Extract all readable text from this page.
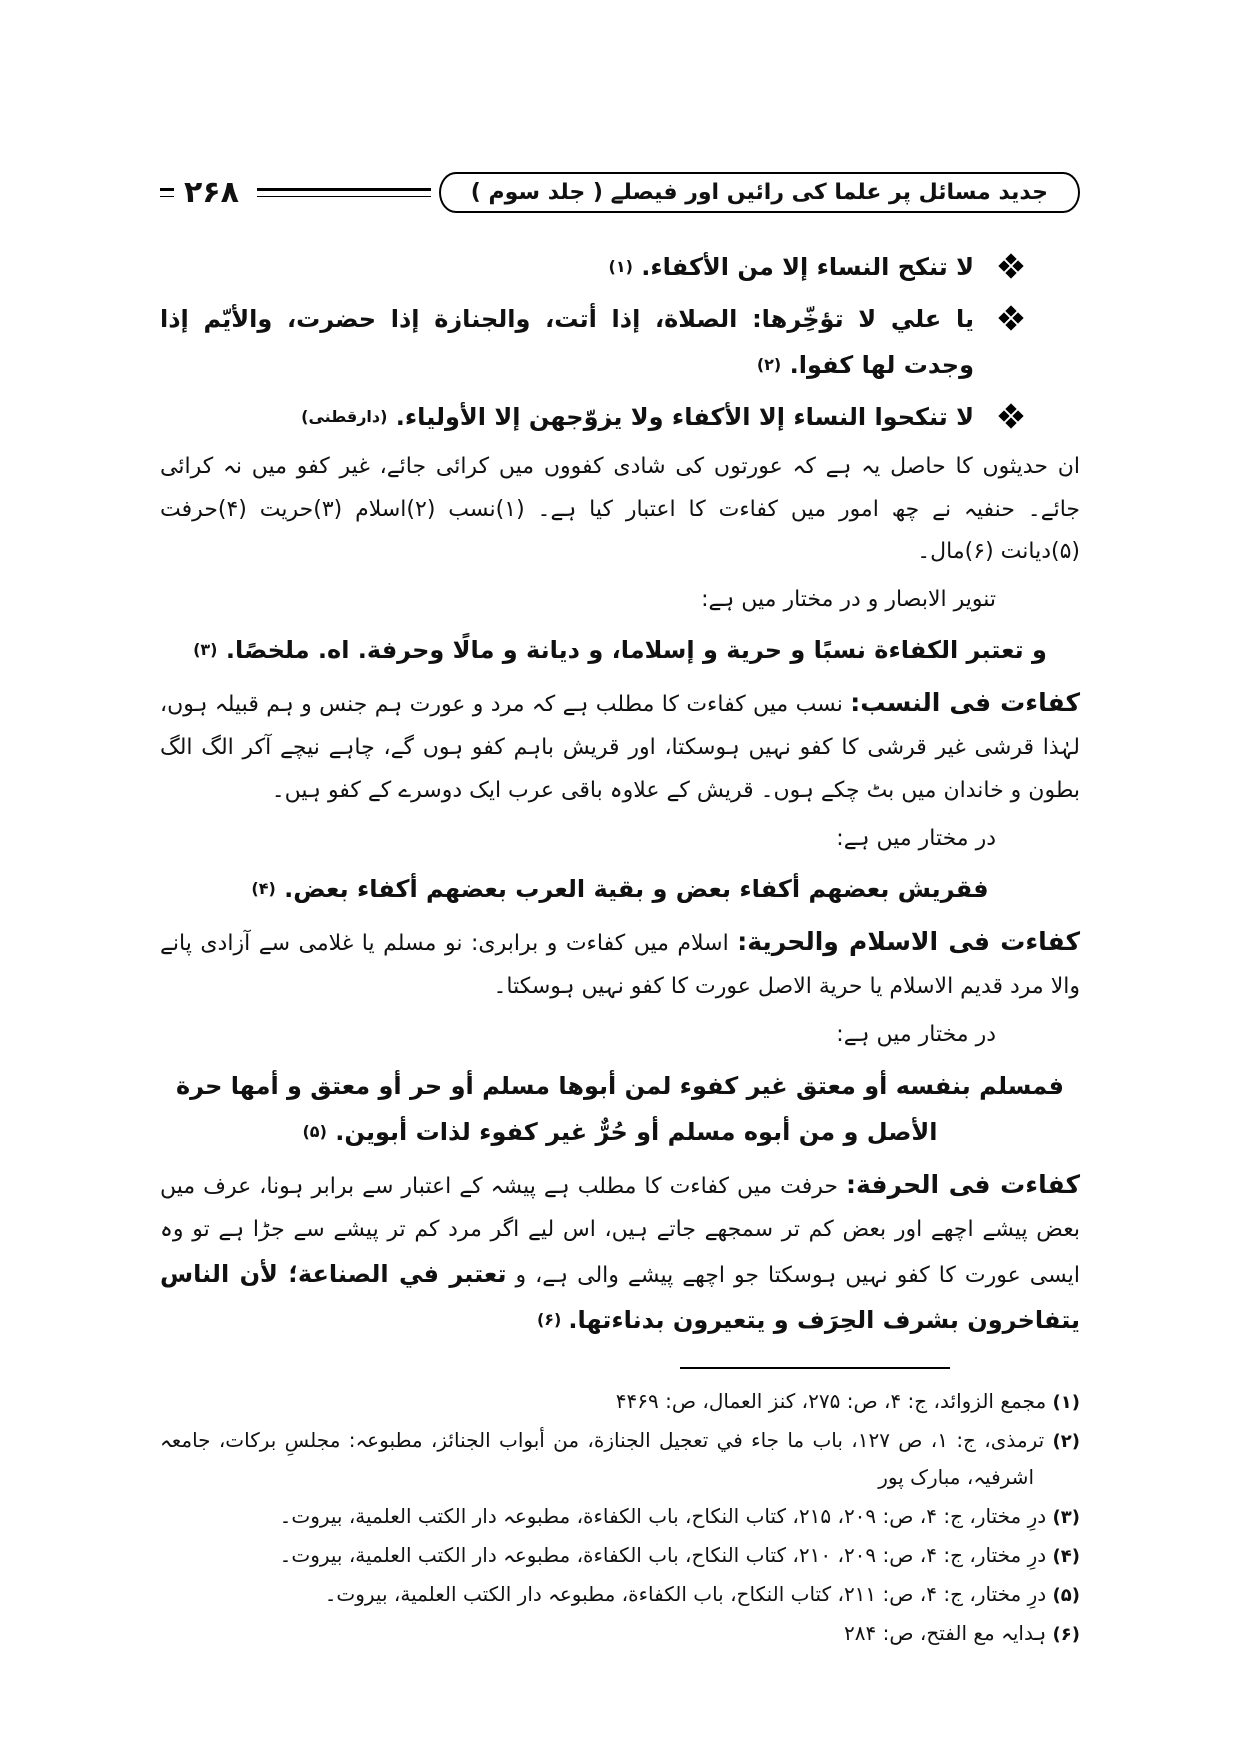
۲۶۸	جدید مسائل پر علما کی رائیں اور فیصلے ( جلد سوم )

لا تنكح النساء إلا من الأكفاء. (۱)

يا علي لا تؤخِّرها: الصلاة، إذا أتت، والجنازة إذا حضرت، والأيّم إذا وجدت لها كفوا. (۲)

لا تنكحوا النساء إلا الأكفاء ولا يزوّجهن إلا الأولياء. (دارقطنی)

ان حدیثوں کا حاصل یہ ہے کہ عورتوں کی شادی کفووں میں کرائی جائے، غیر کفو میں نہ کرائی جائے۔ حنفیہ نے چھ امور میں کفاءت کا اعتبار کیا ہے۔ (۱)نسب (۲)اسلام (۳)حریت (۴)حرفت (۵)دیانت (۶)مال۔

تنویر الابصار و در مختار میں ہے:

و تعتبر الكفاءة نسبًا و حرية و إسلاما، و ديانة و مالًا وحرفة. اه. ملخصًا. (۳)

کفاءت فی النسب: نسب میں کفاءت کا مطلب ہے کہ مرد و عورت ہم جنس و ہم قبیلہ ہوں، لہٰذا قرشی غیر قرشی کا کفو نہیں ہوسکتا، اور قریش باہم کفو ہوں گے، چاہے نیچے آکر الگ الگ بطون و خاندان میں بٹ چکے ہوں۔ قریش کے علاوہ باقی عرب ایک دوسرے کے کفو ہیں۔

در مختار میں ہے:

فقريش بعضهم أكفاء بعض و بقية العرب بعضهم أكفاء بعض. (۴)

کفاءت فی الاسلام والحریة: اسلام میں کفاءت و برابری: نو مسلم یا غلامی سے آزادی پانے والا مرد قدیم الاسلام یا حریة الاصل عورت کا کفو نہیں ہوسکتا۔

در مختار میں ہے:

فمسلم بنفسه أو معتق غير كفوء لمن أبوها مسلم أو حر أو معتق و أمها حرة الأصل و من أبوه مسلم أو حُرٌّ غير كفوء لذات أبوين. (۵)

کفاءت فی الحرفة: حرفت میں کفاءت کا مطلب ہے پیشہ کے اعتبار سے برابر ہونا، عرف میں بعض پیشے اچھے اور بعض کم تر سمجھے جاتے ہیں، اس لیے اگر مرد کم تر پیشے سے جڑا ہے تو وہ ایسی عورت کا کفو نہیں ہوسکتا جو اچھے پیشے والی ہے، و تعتبر في الصناعة؛ لأن الناس يتفاخرون بشرف الحِرَف و يتعيرون بدناءتها. (۶)

(۱) مجمع الزوائد، ج: ۴، ص: ۲۷۵، کنز العمال، ص: ۴۴۶۹

(۲) ترمذی، ج: ۱، ص ۱۲۷، باب ما جاء في تعجیل الجنازة، من أبواب الجنائز، مطبوعہ: مجلسِ برکات، جامعہ اشرفیہ، مبارک پور

(۳) درِ مختار، ج: ۴، ص: ۲۰۹، ۲۱۵، کتاب النکاح، باب الکفاءة، مطبوعہ دار الکتب العلمیة، بیروت۔

(۴) درِ مختار، ج: ۴، ص: ۲۰۹، ۲۱۰، کتاب النکاح، باب الکفاءة، مطبوعہ دار الکتب العلمیة، بیروت۔

(۵) درِ مختار، ج: ۴، ص: ۲۱۱، کتاب النکاح، باب الکفاءة، مطبوعہ دار الکتب العلمیة، بیروت۔

(۶) ہدایہ مع الفتح، ص: ۲۸۴
